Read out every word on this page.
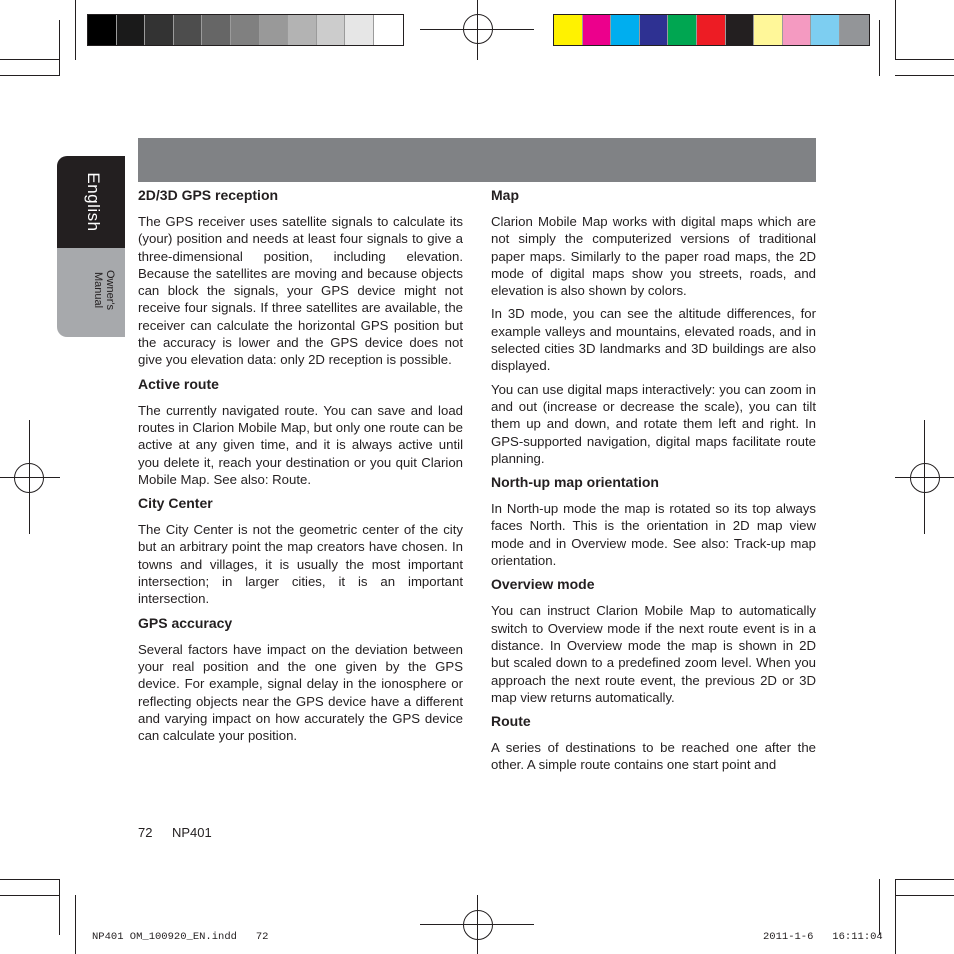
English
Owner's Manual
2D/3D GPS reception

The GPS receiver uses satellite signals to calculate its (your) position and needs at least four signals to give a three-dimensional position, including elevation. Because the satellites are moving and because objects can block the signals, your GPS device might not receive four signals. If three satellites are available, the receiver can calculate the horizontal GPS position but the accuracy is lower and the GPS device does not give you elevation data: only 2D reception is possible.

Active route

The currently navigated route. You can save and load routes in Clarion Mobile Map, but only one route can be active at any given time, and it is always active until you delete it, reach your destination or you quit Clarion Mobile Map. See also: Route.

City Center

The City Center is not the geometric center of the city but an arbitrary point the map creators have chosen. In towns and villages, it is usually the most important intersection; in larger cities, it is an important intersection.

GPS accuracy

Several factors have impact on the deviation between your real position and the one given by the GPS device. For example, signal delay in the ionosphere or reflecting objects near the GPS device have a different and varying impact on how accurately the GPS device can calculate your position.

Map

Clarion Mobile Map works with digital maps which are not simply the computerized versions of traditional paper maps. Similarly to the paper road maps, the 2D mode of digital maps show you streets, roads, and elevation is also shown by colors.

In 3D mode, you can see the altitude differences, for example valleys and mountains, elevated roads, and in selected cities 3D landmarks and 3D buildings are also displayed.

You can use digital maps interactively: you can zoom in and out (increase or decrease the scale), you can tilt them up and down, and rotate them left and right. In GPS-supported navigation, digital maps facilitate route planning.

North-up map orientation

In North-up mode the map is rotated so its top always faces North. This is the orientation in 2D map view mode and in Overview mode. See also: Track-up map orientation.

Overview mode

You can instruct Clarion Mobile Map to automatically switch to Overview mode if the next route event is in a distance. In Overview mode the map is shown in 2D but scaled down to a predefined zoom level. When you approach the next route event, the previous 2D or 3D map view returns automatically.

Route

A series of destinations to be reached one after the other. A simple route contains one start point and

72 NP401
NP401 OM_100920_EN.indd   72	2011-1-6   16:11:04
